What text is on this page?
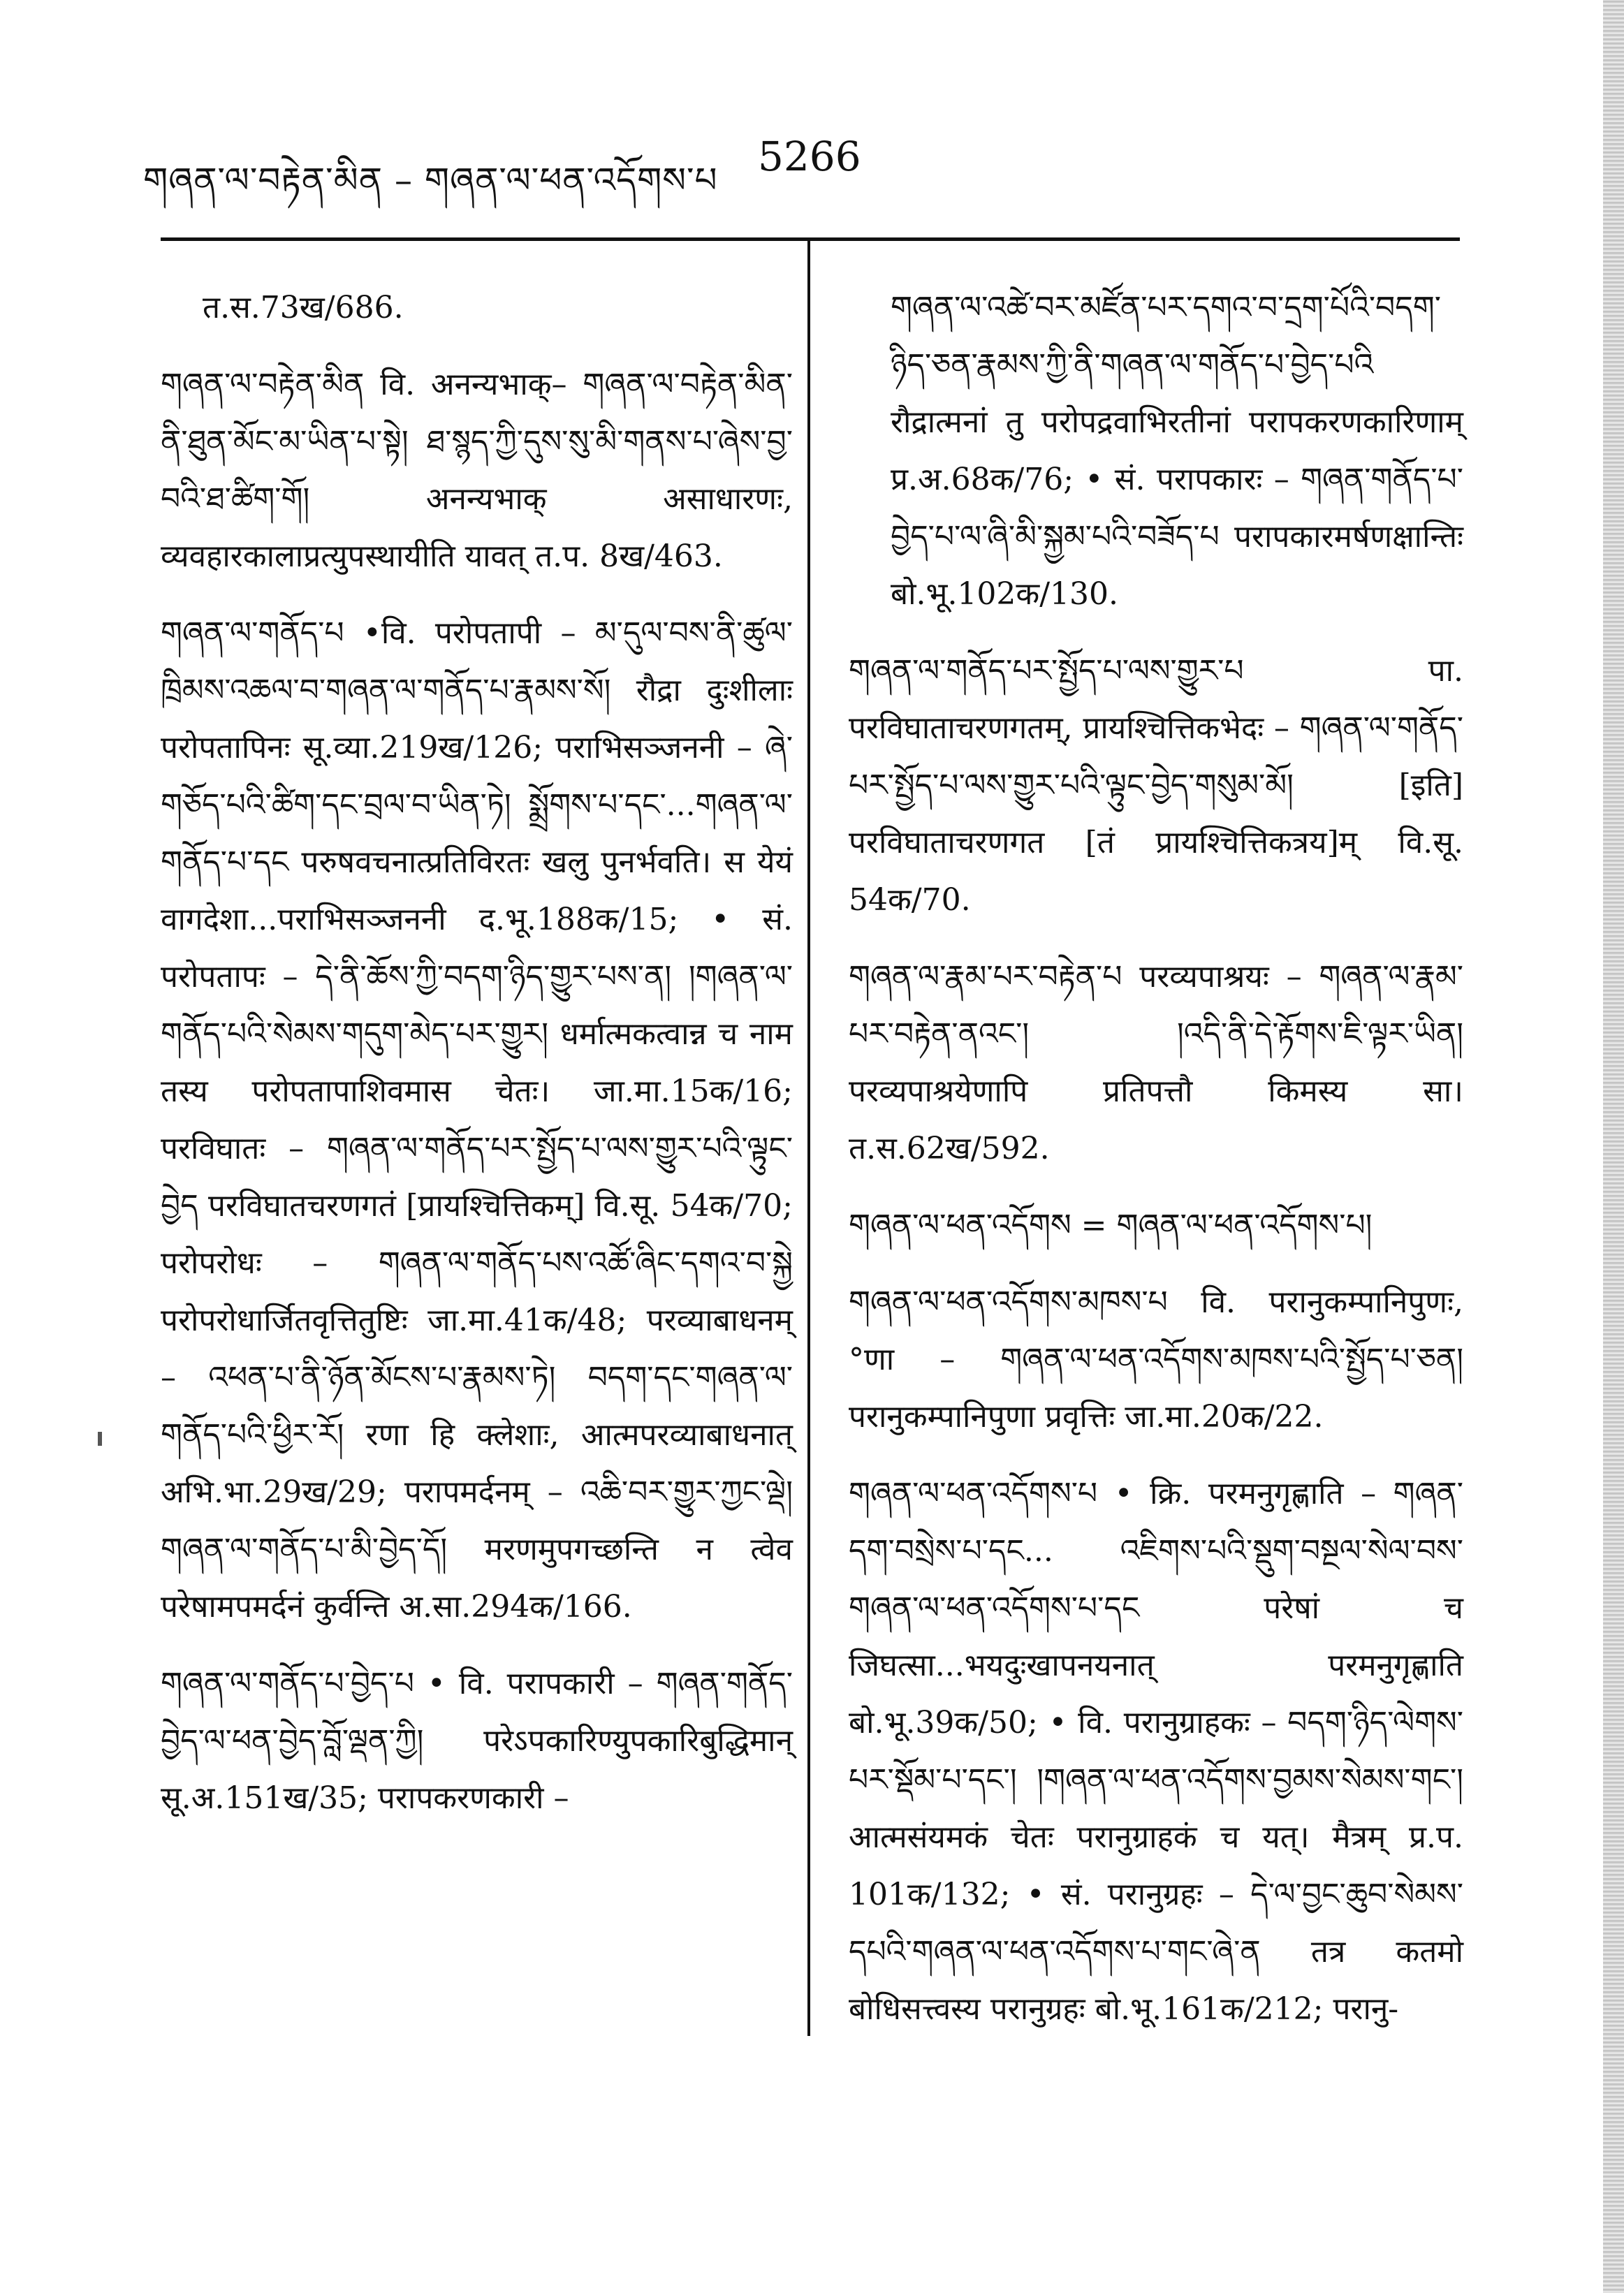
གཞན་ལ་བརྟེན་མིན – གཞན་ལ་ཕན་འདོགས་པ 5266

त.स.73ख/686.

གཞན་ལ་བརྟེན་མིན वि. अनन्यभाक्– གཞན་ལ་བརྟེན་མིན་ནི་ཐུན་མོང་མ་ཡིན་པ་སྟེ། ཐ་སྙད་ཀྱི་དུས་སུ་མི་གནས་པ་ཞེས་བྱ་བའི་ཐ་ཚིག་གོ། अनन्यभाक् असाधारणः, व्यवहारकालाप्रत्युपस्थायीति यावत् त.प. 8ख/463.

གཞན་ལ་གནོད་པ •वि. परोपतापी – མ་དུལ་བས་ནི་ཚུལ་ཁྲིམས་འཆལ་བ་གཞན་ལ་གནོད་པ་རྣམས་སོ། रौद्रा दुःशीलाः परोपतापिनः सू.व्या.219ख/126; पराभिसञ्जननी – ཞེ་གཅོད་པའི་ཚིག་དང་བྲལ་བ་ཡིན་ཏེ། སྨྲོགས་པ་དང་...གཞན་ལ་གནོད་པ་དང परुषवचनात्प्रतिविरतः खलु पुनर्भवति। स येयं वागदेशा...पराभिसञ्जननी द.भू.188क/15; • सं. परोपतापः – དེ་ནི་ཆོས་ཀྱི་བདག་ཉིད་གྱུར་པས་ན། །གཞན་ལ་གནོད་པའི་སེམས་གདུག་མེད་པར་གྱུར། धर्मात्मकत्वान्न च नाम तस्य परोपतापाशिवमास चेतः। जा.मा.15क/16; परविघातः – གཞན་ལ་གནོད་པར་སྤྱོད་པ་ལས་གྱུར་པའི་ལྟུང་བྱེད परविघातचरणगतं [प्रायश्चित्तिकम्] वि.सू. 54क/70; परोपरोधः – གཞན་ལ་གནོད་པས་འཚོ་ཞིང་དགའ་བ་སྐྱེ परोपरोधार्जितवृत्तितुष्टिः जा.मा.41क/48; परव्याबाधनम् – འཕན་པ་ནི་ཉོན་མོངས་པ་རྣམས་ཏེ། བདག་དང་གཞན་ལ་གནོད་པའི་ཕྱིར་རོ། रणा हि क्लेशाः, आत्मपरव्याबाधनात् अभि.भा.29ख/29; परापमर्दनम् – འཆི་བར་གྱུར་ཀྱང་ལྡེ། གཞན་ལ་གནོད་པ་མི་བྱེད་དོ། मरणमुपगच्छन्ति न त्वेव परेषामपमर्दनं कुर्वन्ति अ.सा.294क/166.

གཞན་ལ་གནོད་པ་བྱེད་པ • वि. परापकारी – གཞན་གནོད་བྱེད་ལ་ཕན་བྱེད་བློ་ལྡན་ཀྱི། परेऽपकारिण्युपकारिबुद्धिमान् सू.अ.151ख/35; परापकरणकारी –

གཞན་ལ་འཚེ་བར་མཛོན་པར་དགའ་བ་དྲག་པོའི་བདག་ཉིད་ཅན་རྣམས་ཀྱི་ནི་གཞན་ལ་གནོད་པ་བྱེད་པའི रौद्रात्मनां तु परोपद्रवाभिरतीनां परापकरणकारिणाम् प्र.अ.68क/76; • सं. परापकारः – གཞན་གནོད་པ་བྱེད་པ་ལ་ཞི་མི་སྐྱམ་པའི་བཟོད་པ परापकारमर्षणक्षान्तिः बो.भू.102क/130.

གཞན་ལ་གནོད་པར་སྤྱོད་པ་ལས་གྱུར་པ पा. परविघाताचरणगतम्, प्रायश्चित्तिकभेदः – གཞན་ལ་གནོད་པར་སྤྱོད་པ་ལས་གྱུར་པའི་ལྟུང་བྱེད་གསུམ་མོ། [इति] परविघाताचरणगत [तं प्रायश्चित्तिकत्रय]म् वि.सू. 54क/70.

གཞན་ལ་རྣམ་པར་བརྟེན་པ परव्यपाश्रयः – གཞན་ལ་རྣམ་པར་བརྟེན་ནའང་། །འདི་ནི་དེ་རྟོགས་ཇི་ལྟར་ཡིན། परव्यपाश्रयेणापि प्रतिपत्तौ किमस्य सा। त.स.62ख/592.

གཞན་ལ་ཕན་འདོགས = གཞན་ལ་ཕན་འདོགས་པ།

གཞན་ལ་ཕན་འདོགས་མཁས་པ वि. परानुकम्पानिपुणः, °णा – གཞན་ལ་ཕན་འདོགས་མཁས་པའི་སྤྱོད་པ་ཅན། परानुकम्पानिपुणा प्रवृत्तिः जा.मा.20क/22.

གཞན་ལ་ཕན་འདོགས་པ • क्रि. परमनुगृह्णाति – གཞན་དག་བསྲེས་པ་དང... འཇིགས་པའི་སྡུག་བསྔལ་སེལ་བས་གཞན་ལ་ཕན་འདོགས་པ་དང परेषां च जिघत्सा...भयदुःखापनयनात् परमनुगृह्णाति बो.भू.39क/50; • वि. परानुग्राहकः – བདག་ཉིད་ལེགས་པར་སྡོམ་པ་དང་། །གཞན་ལ་ཕན་འདོགས་བྱམས་སེམས་གང་། आत्मसंयमकं चेतः परानुग्राहकं च यत्। मैत्रम् प्र.प. 101क/132; • सं. परानुग्रहः – དེ་ལ་བྱང་ཆུབ་སེམས་དཔའི་གཞན་ལ་ཕན་འདོགས་པ་གང་ཞེ་ན तत्र कतमो बोधिसत्त्वस्य परानुग्रहः बो.भू.161क/212; परानु-
